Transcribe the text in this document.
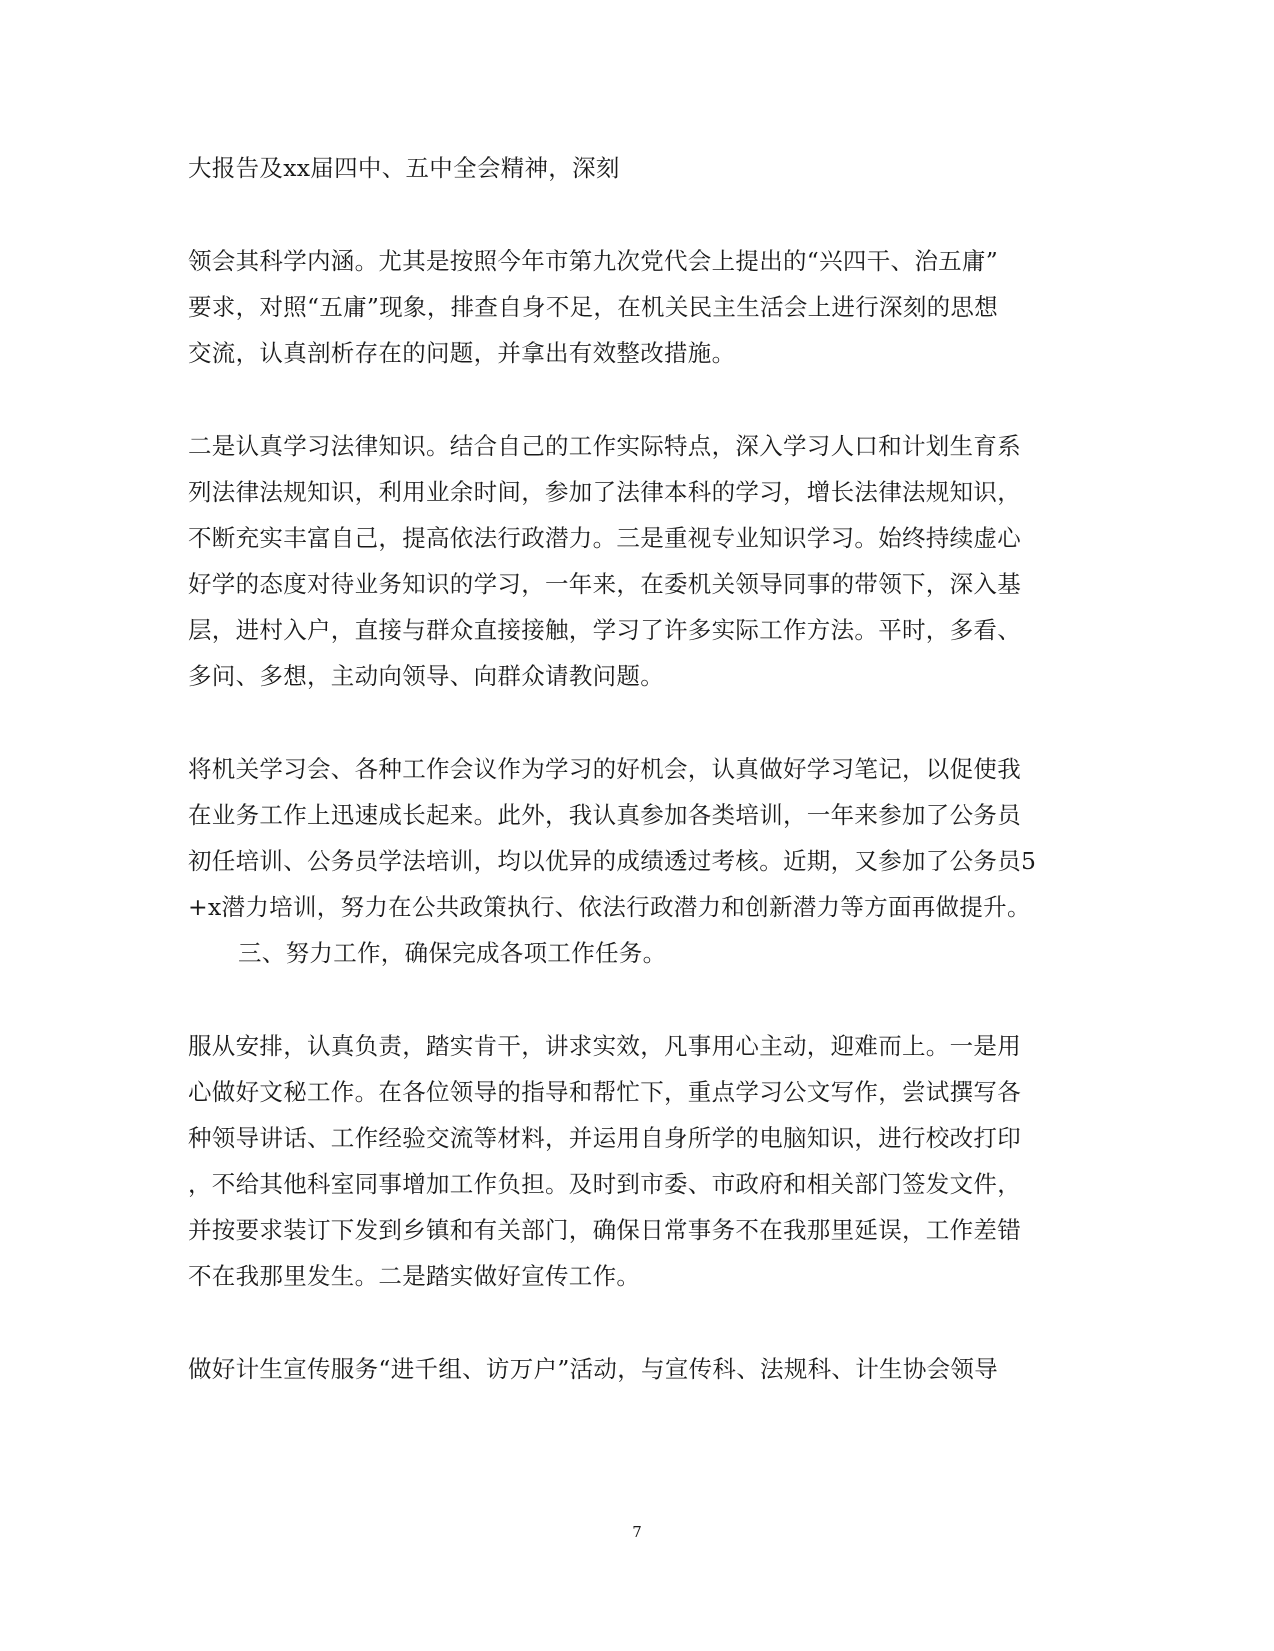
大报告及xx届四中、五中全会精神，深刻
领会其科学内涵。尤其是按照今年市第九次党代会上提出的“兴四干、治五庸”
要求，对照“五庸”现象，排查自身不足，在机关民主生活会上进行深刻的思想
交流，认真剖析存在的问题，并拿出有效整改措施。
二是认真学习法律知识。结合自己的工作实际特点，深入学习人口和计划生育系
列法律法规知识，利用业余时间，参加了法律本科的学习，增长法律法规知识，
不断充实丰富自己，提高依法行政潜力。三是重视专业知识学习。始终持续虚心
好学的态度对待业务知识的学习，一年来，在委机关领导同事的带领下，深入基
层，进村入户，直接与群众直接接触，学习了许多实际工作方法。平时，多看、
多问、多想，主动向领导、向群众请教问题。
将机关学习会、各种工作会议作为学习的好机会，认真做好学习笔记，以促使我
在业务工作上迅速成长起来。此外，我认真参加各类培训，一年来参加了公务员
初任培训、公务员学法培训，均以优异的成绩透过考核。近期，又参加了公务员5
+x潜力培训，努力在公共政策执行、依法行政潜力和创新潜力等方面再做提升。
三、努力工作，确保完成各项工作任务。
服从安排，认真负责，踏实肯干，讲求实效，凡事用心主动，迎难而上。一是用
心做好文秘工作。在各位领导的指导和帮忙下，重点学习公文写作，尝试撰写各
种领导讲话、工作经验交流等材料，并运用自身所学的电脑知识，进行校改打印
，不给其他科室同事增加工作负担。及时到市委、市政府和相关部门签发文件，
并按要求装订下发到乡镇和有关部门，确保日常事务不在我那里延误，工作差错
不在我那里发生。二是踏实做好宣传工作。
做好计生宣传服务“进千组、访万户”活动，与宣传科、法规科、计生协会领导
7
